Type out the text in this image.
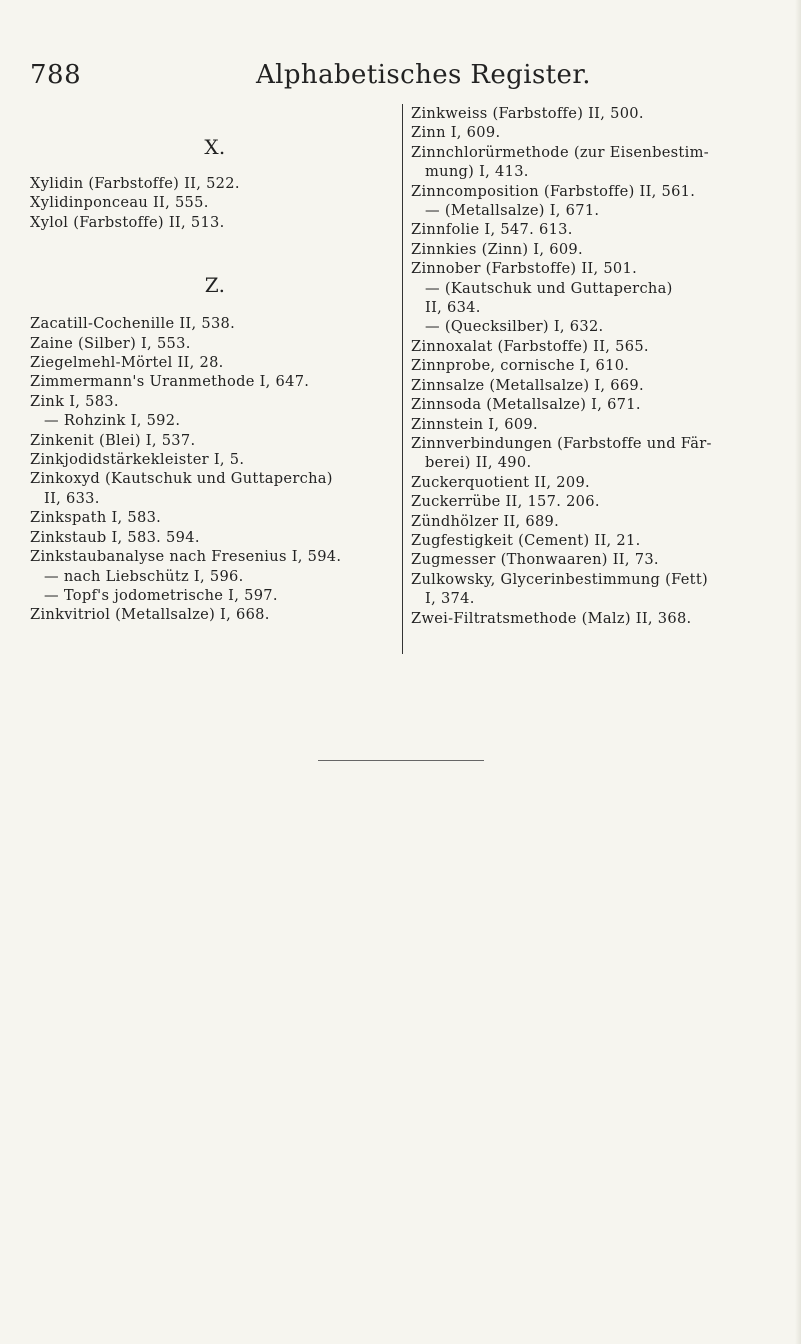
788	Alphabetisches Register.
X.
Xylidin (Farbstoffe) II, 522.
Xylidinponceau II, 555.
Xylol (Farbstoffe) II, 513.
Z.
Zacatill-Cochenille II, 538.
Zaine (Silber) I, 553.
Ziegelmehl-Mörtel II, 28.
Zimmermann's Uranmethode I, 647.
Zink I, 583.
— Rohzink I, 592.
Zinkenit (Blei) I, 537.
Zinkjodidstärkekleister I, 5.
Zinkoxyd (Kautschuk und Guttapercha)
II, 633.
Zinkspath I, 583.
Zinkstaub I, 583. 594.
Zinkstaubanalyse nach Fresenius I, 594.
— nach Liebschütz I, 596.
— Topf's jodometrische I, 597.
Zinkvitriol (Metallsalze) I, 668.
Zinkweiss (Farbstoffe) II, 500.
Zinn I, 609.
Zinnchlorürmethode (zur Eisenbestim-
mung) I, 413.
Zinncomposition (Farbstoffe) II, 561.
— (Metallsalze) I, 671.
Zinnfolie I, 547. 613.
Zinnkies (Zinn) I, 609.
Zinnober (Farbstoffe) II, 501.
— (Kautschuk und Guttapercha)
II, 634.
— (Quecksilber) I, 632.
Zinnoxalat (Farbstoffe) II, 565.
Zinnprobe, cornische I, 610.
Zinnsalze (Metallsalze) I, 669.
Zinnsoda (Metallsalze) I, 671.
Zinnstein I, 609.
Zinnverbindungen (Farbstoffe und Fär-
berei) II, 490.
Zuckerquotient II, 209.
Zuckerrübe II, 157. 206.
Zündhölzer II, 689.
Zugfestigkeit (Cement) II, 21.
Zugmesser (Thonwaaren) II, 73.
Zulkowsky, Glycerinbestimmung (Fett)
I, 374.
Zwei-Filtratsmethode (Malz) II, 368.
